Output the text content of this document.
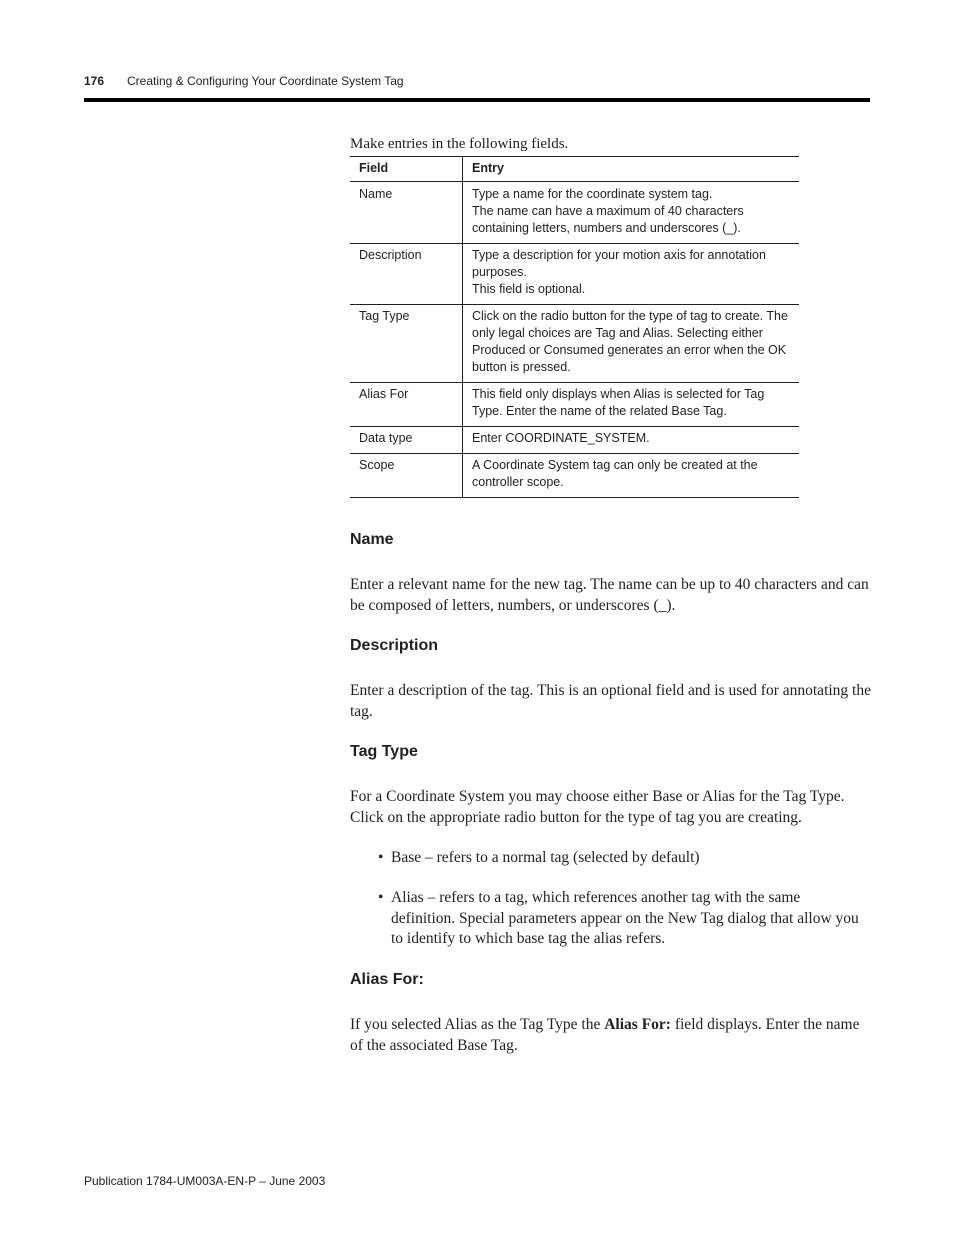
176 Creating & Configuring Your Coordinate System Tag
Make entries in the following fields.
Field	Entry
Name	Type a name for the coordinate system tag.
The name can have a maximum of 40 characters containing letters, numbers and underscores (_).

Description	Type a description for your motion axis for annotation purposes.
This field is optional.

Tag Type	Click on the radio button for the type of tag to create. The only legal choices are Tag and Alias. Selecting either Produced or Consumed generates an error when the OK button is pressed.

Alias For	This field only displays when Alias is selected for Tag Type. Enter the name of the related Base Tag.

Data type	Enter COORDINATE_SYSTEM.

Scope	A Coordinate System tag can only be created at the controller scope.
Name
Enter a relevant name for the new tag. The name can be up to 40 characters and can be composed of letters, numbers, or underscores (_).
Description
Enter a description of the tag. This is an optional field and is used for annotating the tag.
Tag Type
For a Coordinate System you may choose either Base or Alias for the Tag Type. Click on the appropriate radio button for the type of tag you are creating.
• Base – refers to a normal tag (selected by default)
• Alias – refers to a tag, which references another tag with the same definition. Special parameters appear on the New Tag dialog that allow you to identify to which base tag the alias refers.
Alias For:
If you selected Alias as the Tag Type the Alias For: field displays. Enter the name of the associated Base Tag.
Publication 1784-UM003A-EN-P – June 2003
